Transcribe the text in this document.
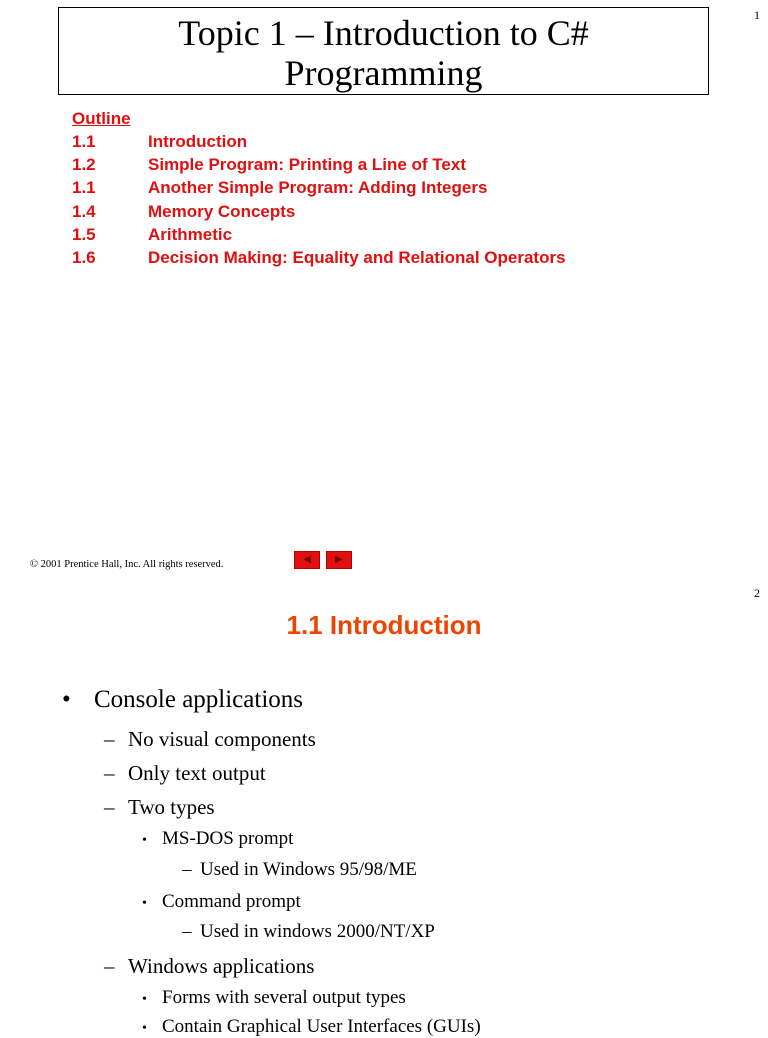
1
Topic 1 – Introduction to C#
Programming
Outline
1.1	Introduction
1.2	Simple Program: Printing a Line of Text
1.1	Another Simple Program: Adding Integers
1.4	Memory Concepts
1.5	Arithmetic
1.6	Decision Making: Equality and Relational Operators
© 2001 Prentice Hall, Inc. All rights reserved.	◀	▶
2
1.1 Introduction
• Console applications
– No visual components
– Only text output
– Two types
• MS-DOS prompt
– Used in Windows 95/98/ME
• Command prompt
– Used in windows 2000/NT/XP
– Windows applications
• Forms with several output types
• Contain Graphical User Interfaces (GUIs)
